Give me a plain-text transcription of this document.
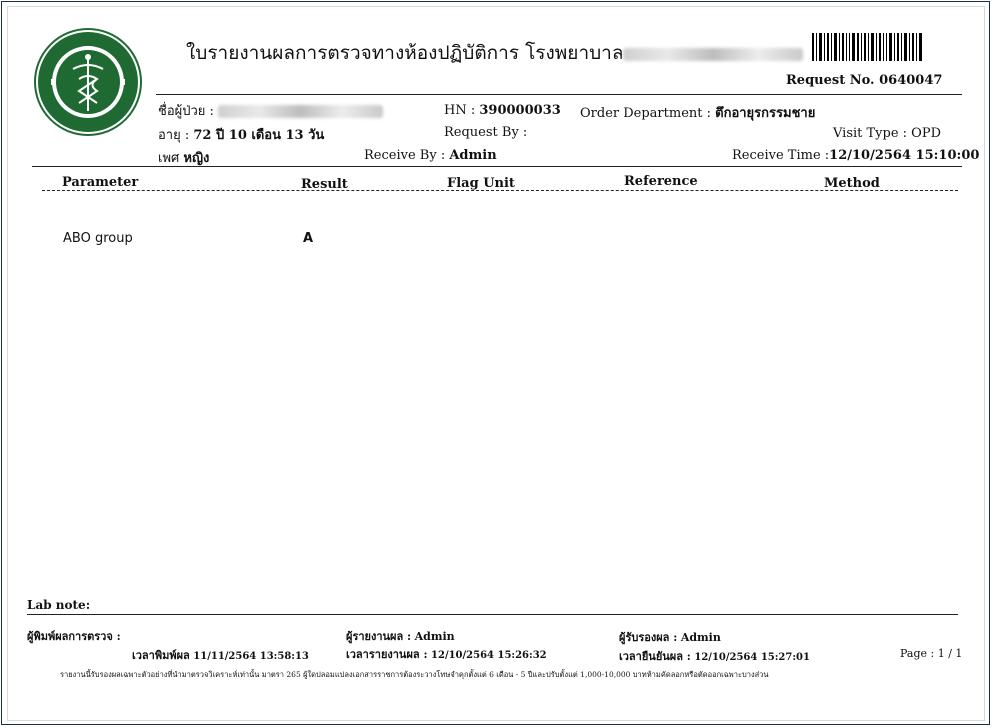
ใบรายงานผลการตรวจทางห้องปฏิบัติการ โรงพยาบาล
Request No. 0640047
ชื่อผู้ป่วย :
อายุ : 72 ปี 10 เดือน 13 วัน
เพศ หญิง
HN : 390000033
Request By :
Receive By : Admin
Order Department : ตึกอายุรกรรมชาย
Visit Type : OPD
Receive Time :12/10/2564 15:10:00
Parameter	Result	Flag Unit	Reference	Method
ABO group	A
Lab note:
ผู้พิมพ์ผลการตรวจ :
เวลาพิมพ์ผล 11/11/2564 13:58:13
ผู้รายงานผล : Admin
เวลารายงานผล : 12/10/2564 15:26:32
ผู้รับรองผล : Admin
เวลายืนยันผล : 12/10/2564 15:27:01	Page : 1 / 1
รายงานนี้รับรองผลเฉพาะตัวอย่างที่นำมาตรวจวิเคราะห์เท่านั้น มาตรา 265 ผู้ใดปลอมแปลงเอกสารราชการต้องระวางโทษจำคุกตั้งแต่ 6 เดือน - 5 ปีและปรับตั้งแต่ 1,000-10,000 บาทห้ามคัดลอกหรือตัดออกเฉพาะบางส่วน
